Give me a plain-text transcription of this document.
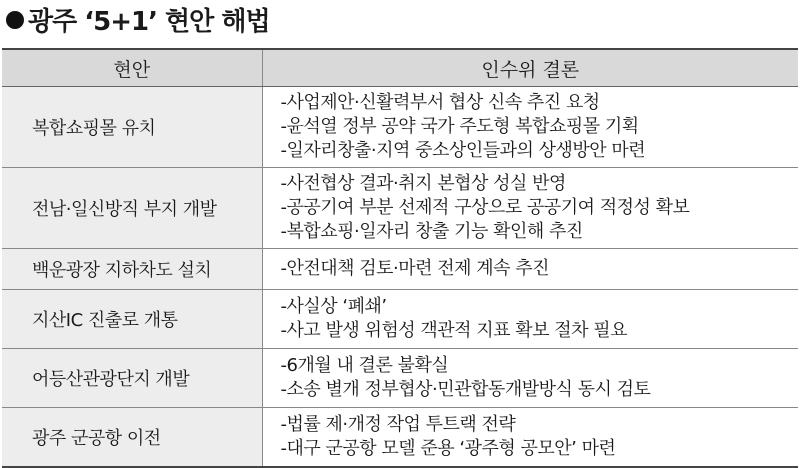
광주 ‘5+1’ 현안 해법
현안	인수위 결론
복합쇼핑몰 유치	-사업제안·신활력부서 협상 신속 추진 요청
-윤석열 정부 공약 국가 주도형 복합쇼핑몰 기획
-일자리창출·지역 중소상인들과의 상생방안 마련

전남·일신방직 부지 개발	-사전협상 결과·취지 본협상 성실 반영
-공공기여 부분 선제적 구상으로 공공기여 적정성 확보
-복합쇼핑·일자리 창출 기능 확인해 추진

백운광장 지하차도 설치	-안전대책 검토·마련 전제 계속 추진

지산IC 진출로 개통	-사실상 ‘폐쇄’
-사고 발생 위험성 객관적 지표 확보 절차 필요

어등산관광단지 개발	-6개월 내 결론 불확실
-소송 별개 정부협상·민관합동개발방식 동시 검토

광주 군공항 이전	-법률 제·개정 작업 투트랙 전략
-대구 군공항 모델 준용 ‘광주형 공모안’ 마련
